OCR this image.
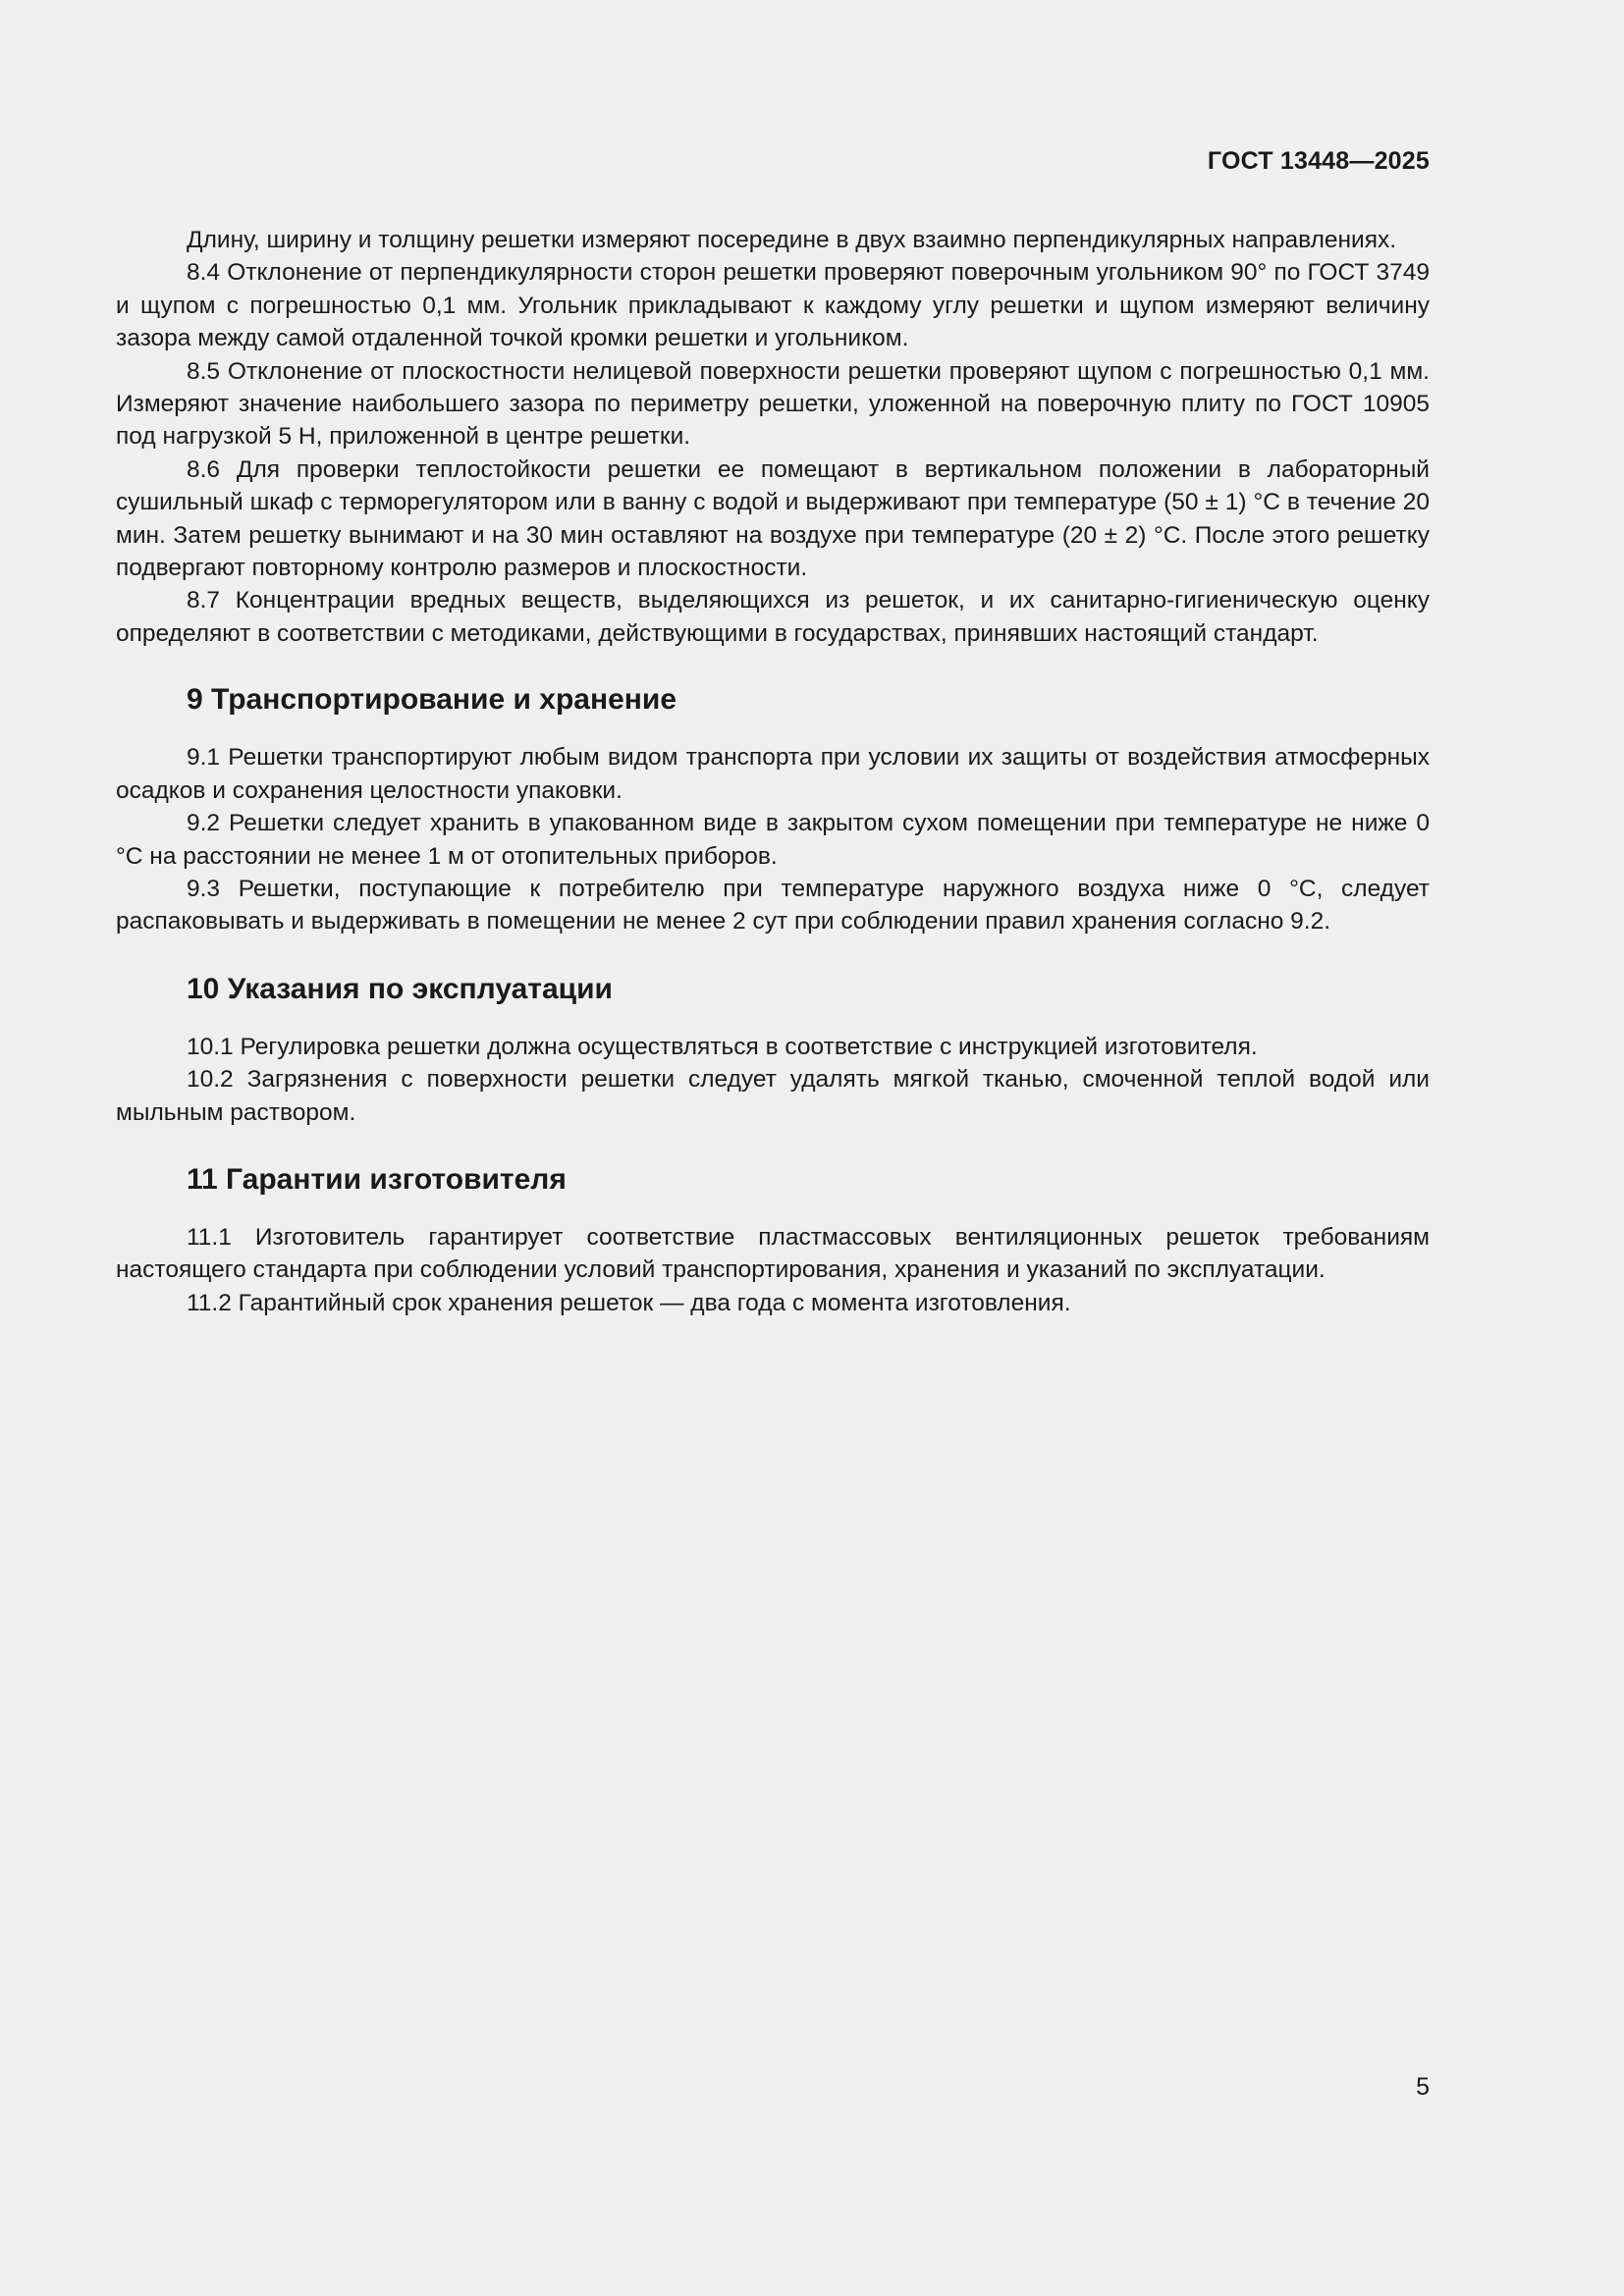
ГОСТ 13448—2025

Длину, ширину и толщину решетки измеряют посередине в двух взаимно перпендикулярных направлениях.

8.4 Отклонение от перпендикулярности сторон решетки проверяют поверочным угольником 90° по ГОСТ 3749 и щупом с погрешностью 0,1 мм. Угольник прикладывают к каждому углу решетки и щупом измеряют величину зазора между самой отдаленной точкой кромки решетки и угольником.

8.5 Отклонение от плоскостности нелицевой поверхности решетки проверяют щупом с погрешностью 0,1 мм. Измеряют значение наибольшего зазора по периметру решетки, уложенной на поверочную плиту по ГОСТ 10905 под нагрузкой 5 Н, приложенной в центре решетки.

8.6 Для проверки теплостойкости решетки ее помещают в вертикальном положении в лабораторный сушильный шкаф с терморегулятором или в ванну с водой и выдерживают при температуре (50 ± 1) °С в течение 20 мин. Затем решетку вынимают и на 30 мин оставляют на воздухе при температуре (20 ± 2) °С. После этого решетку подвергают повторному контролю размеров и плоскостности.

8.7 Концентрации вредных веществ, выделяющихся из решеток, и их санитарно-гигиеническую оценку определяют в соответствии с методиками, действующими в государствах, принявших настоящий стандарт.

9 Транспортирование и хранение

9.1 Решетки транспортируют любым видом транспорта при условии их защиты от воздействия атмосферных осадков и сохранения целостности упаковки.

9.2 Решетки следует хранить в упакованном виде в закрытом сухом помещении при температуре не ниже 0 °С на расстоянии не менее 1 м от отопительных приборов.

9.3 Решетки, поступающие к потребителю при температуре наружного воздуха ниже 0 °С, следует распаковывать и выдерживать в помещении не менее 2 сут при соблюдении правил хранения согласно 9.2.

10 Указания по эксплуатации

10.1 Регулировка решетки должна осуществляться в соответствие с инструкцией изготовителя.

10.2 Загрязнения с поверхности решетки следует удалять мягкой тканью, смоченной теплой водой или мыльным раствором.

11 Гарантии изготовителя

11.1 Изготовитель гарантирует соответствие пластмассовых вентиляционных решеток требованиям настоящего стандарта при соблюдении условий транспортирования, хранения и указаний по эксплуатации.

11.2 Гарантийный срок хранения решеток — два года с момента изготовления.

5
